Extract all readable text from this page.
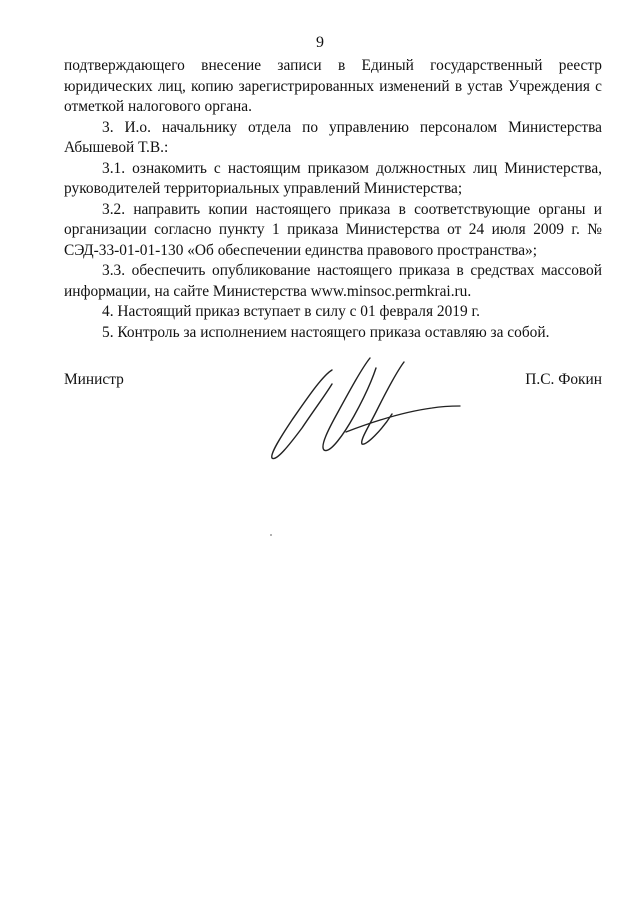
9

подтверждающего внесение записи в Единый государственный реестр юридических лиц, копию зарегистрированных изменений в устав Учреждения с отметкой налогового органа.

3. И.о. начальнику отдела по управлению персоналом Министерства Абышевой Т.В.:

3.1. ознакомить с настоящим приказом должностных лиц Министерства, руководителей территориальных управлений Министерства;

3.2. направить копии настоящего приказа в соответствующие органы и организации согласно пункту 1 приказа Министерства от 24 июля 2009 г. № СЭД-33-01-01-130 «Об обеспечении единства правового пространства»;

3.3. обеспечить опубликование настоящего приказа в средствах массовой информации, на сайте Министерства www.minsoc.permkrai.ru.

4. Настоящий приказ вступает в силу с 01 февраля 2019 г.

5. Контроль за исполнением настоящего приказа оставляю за собой.

Министр	П.С. Фокин
